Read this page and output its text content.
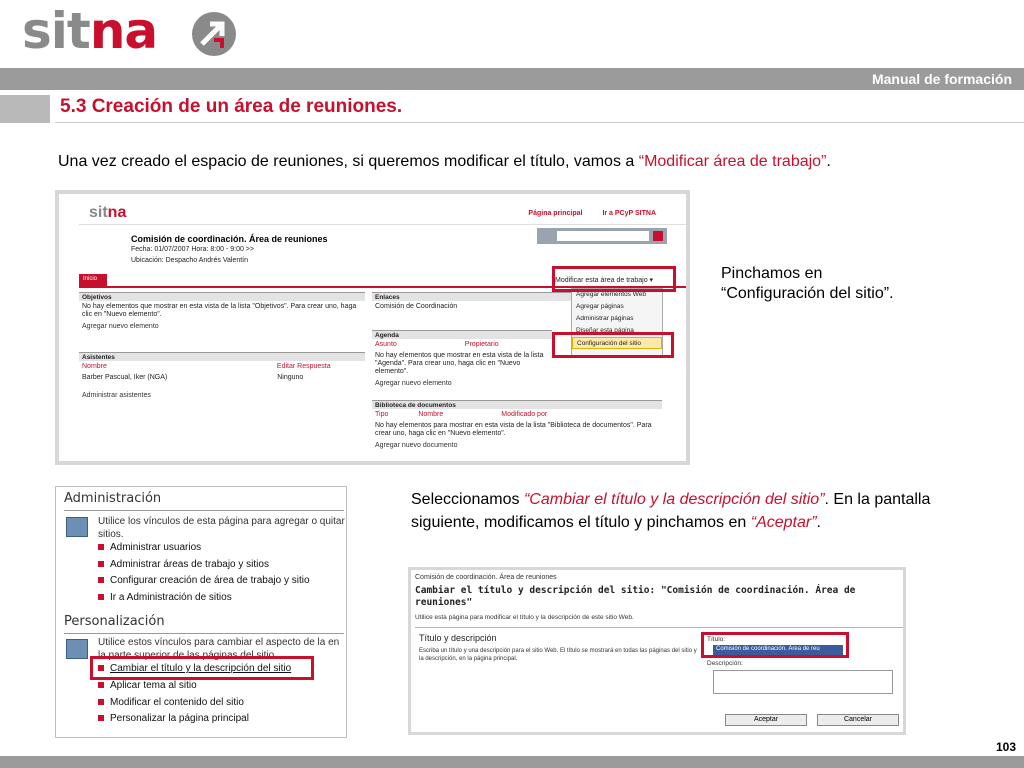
sitna
Manual de formación
5.3 Creación de un área de reuniones.
Una vez creado el espacio de reuniones, si queremos modificar el título, vamos a “Modificar área de trabajo”.
sitna	Página principal	Ir a PCyP SITNA
Comisión de coordinación. Área de reuniones
Fecha: 01/07/2007 Hora: 8:00 - 9:00 >>
Ubicación: Despacho Andrés Valentín
Inicio	Modificar esta área de trabajo ▾
Objetivos
No hay elementos que mostrar en esta vista de la lista "Objetivos". Para crear uno, haga clic en "Nuevo elemento".
Agregar nuevo elemento
Asistentes
Nombre	Editar Respuesta
Barber Pascual, Iker (NGA)	Ninguno
Administrar asistentes
Enlaces
Comisión de Coordinación
Agenda
Asunto	Propietario
No hay elementos que mostrar en esta vista de la lista "Agenda". Para crear uno, haga clic en "Nuevo elemento".
Agregar nuevo elemento
Biblioteca de documentos
Tipo	Nombre	Modificado por
No hay elementos para mostrar en esta vista de la lista "Biblioteca de documentos". Para crear uno, haga clic en "Nuevo elemento".
Agregar nuevo documento
Agregar elementos Web
Agregar páginas
Administrar páginas
Diseñar esta página
Configuración del sitio
Pinchamos en
“Configuración del sitio”.
Administración
Utilice los vínculos de esta página para agregar o quitar sitios.
Administrar usuarios
Administrar áreas de trabajo y sitios
Configurar creación de área de trabajo y sitio
Ir a Administración de sitios
Personalización
Utilice estos vínculos para cambiar el aspecto de la en la parte superior de las páginas del sitio.
Cambiar el título y la descripción del sitio
Aplicar tema al sitio
Modificar el contenido del sitio
Personalizar la página principal
Seleccionamos “Cambiar el título y la descripción del sitio”. En la pantalla siguiente, modificamos el título y pinchamos en “Aceptar”.
Comisión de coordinación. Área de reuniones
Cambiar el título y descripción del sitio: "Comisión de coordinación. Área de reuniones"
Utilice esta página para modificar el título y la descripción de este sitio Web.
Título y descripción
Escriba un título y una descripción para el sitio Web. El título se mostrará en todas las páginas del sitio y la descripción, en la página principal.
Título:
Comisión de coordinación. Área de reu
Descripción:
Aceptar	Cancelar
103
